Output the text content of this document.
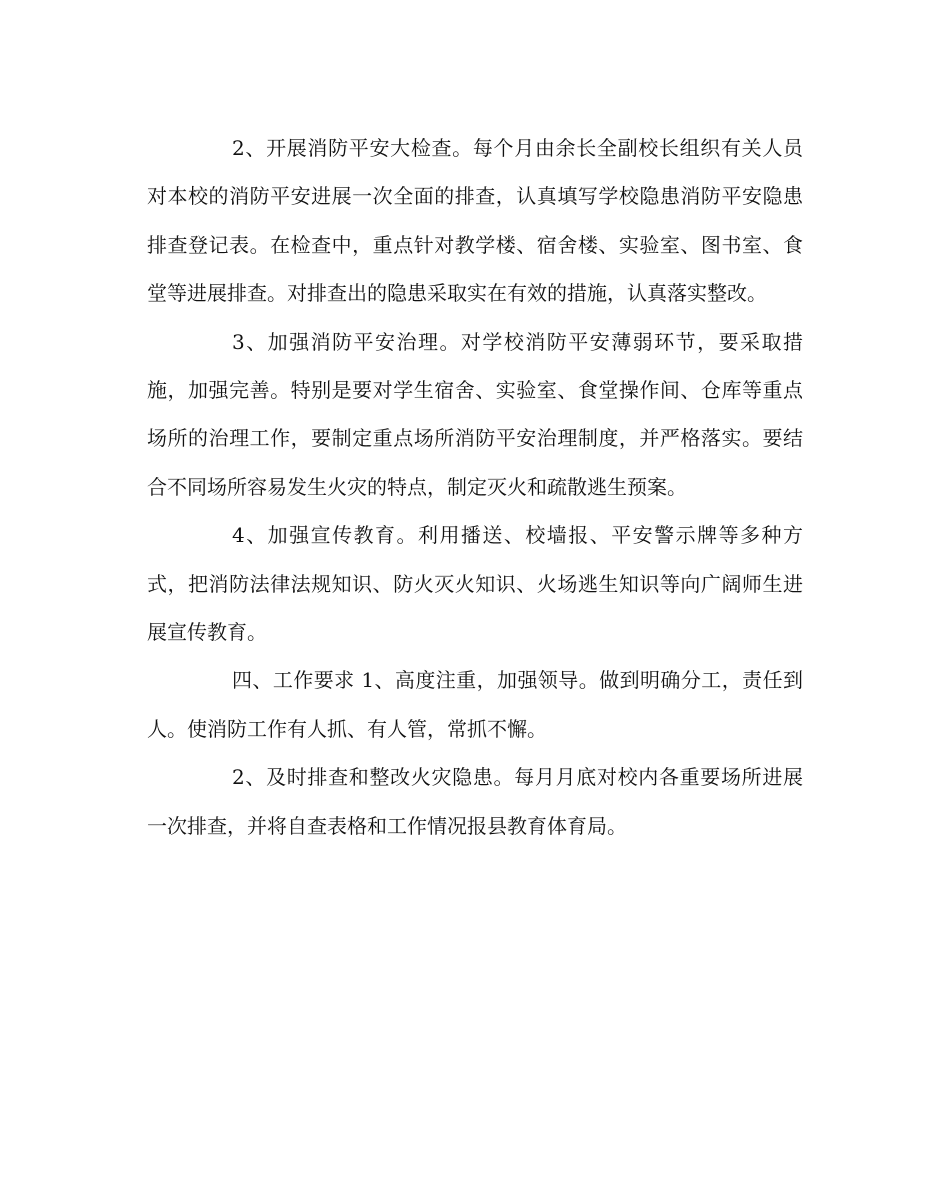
2、开展消防平安大检查。每个月由余长全副校长组织有关人员对本校的消防平安进展一次全面的排查，认真填写学校隐患消防平安隐患排查登记表。在检查中，重点针对教学楼、宿舍楼、实验室、图书室、食堂等进展排查。对排查出的隐患采取实在有效的措施，认真落实整改。

3、加强消防平安治理。对学校消防平安薄弱环节，要采取措施，加强完善。特别是要对学生宿舍、实验室、食堂操作间、仓库等重点场所的治理工作，要制定重点场所消防平安治理制度，并严格落实。要结合不同场所容易发生火灾的特点，制定灭火和疏散逃生预案。

4、加强宣传教育。利用播送、校墙报、平安警示牌等多种方式，把消防法律法规知识、防火灭火知识、火场逃生知识等向广阔师生进展宣传教育。

四、工作要求 1、高度注重，加强领导。做到明确分工，责任到人。使消防工作有人抓、有人管，常抓不懈。

2、及时排查和整改火灾隐患。每月月底对校内各重要场所进展一次排查，并将自查表格和工作情况报县教育体育局。
